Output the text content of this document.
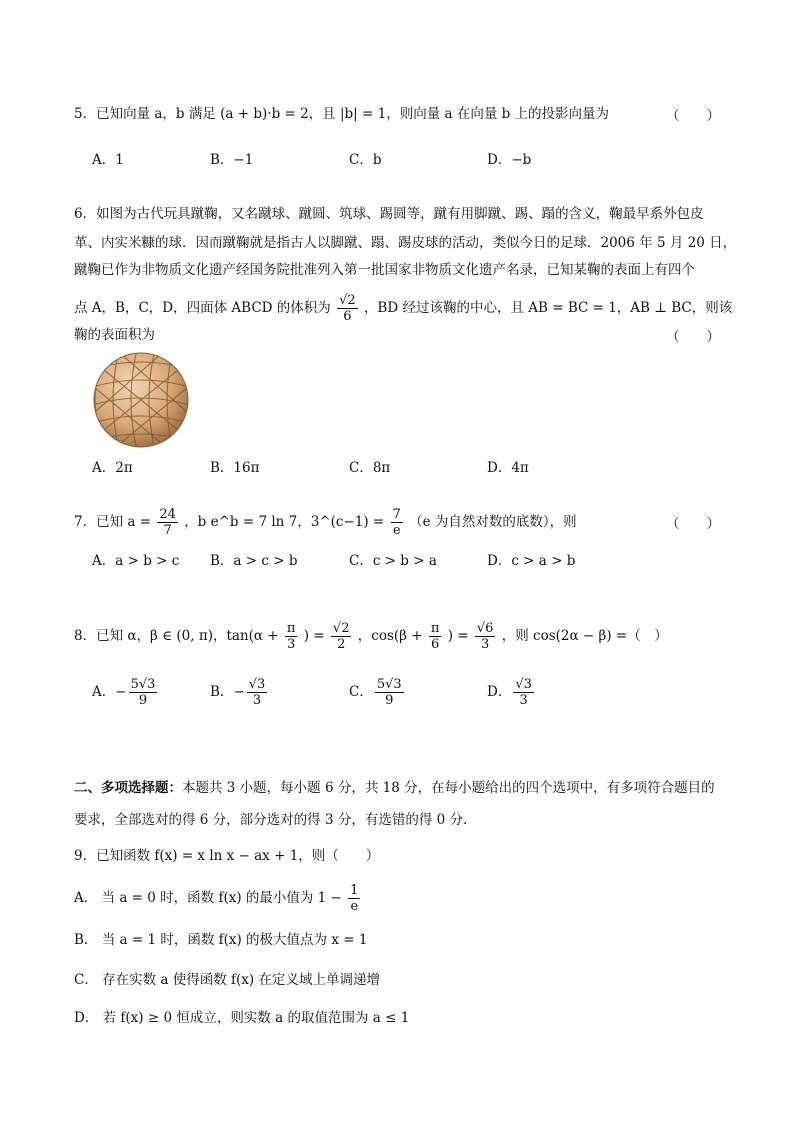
5．已知向量 a，b 满足 (a + b)·b = 2，且 |b| = 1，则向量 a 在向量 b 上的投影向量为	（　　）
A．1	B．−1	C．b	D．−b
6．如图为古代玩具蹴鞠，又名蹴球、蹴圆、筑球、踢圆等，蹴有用脚蹴、踢、蹋的含义，鞠最早系外包皮
革、内实米糠的球．因而蹴鞠就是指古人以脚蹴、蹋、踢皮球的活动，类似今日的足球．2006 年 5 月 20 日，
蹴鞠已作为非物质文化遗产经国务院批准列入第一批国家非物质文化遗产名录，已知某鞠的表面上有四个
点 A，B，C，D，四面体 ABCD 的体积为 $\frac{√2}{6}$ ，BD 经过该鞠的中心，且 AB = BC = 1，AB ⊥ BC，则该
鞠的表面积为	（　　）
A．2π	B．16π	C．8π	D．4π
7．已知 $a = \frac{24}{7}$ ，b e^b = 7 ln 7，3^(c−1) = $\frac{7}{e} (e$ 为自然对数的底数），则	（　　）
A．a > b > c B．a > c > b	C．c > b > a	D．c > a > b
8．已知 α，β ∈ (0, π)，$\tan(\alpha + \frac{\pi}{3}$ ) = $\frac{√2}{2}$ ，$\cos(\beta + \frac{\pi}{6}$ ) = $\frac{√6}{3}$ ，则 cos(2α − β) =（　）
A．− $\frac{5√3}{9}$	B．− $\frac{√3}{3}$	C． $\frac{5√3}{9}$	D． $\frac{√3}{3}$
二、多项选择题：本题共 3 小题，每小题 6 分，共 18 分，在每小题给出的四个选项中，有多项符合题目的
要求，全部选对的得 6 分，部分选对的得 3 分，有选错的得 0 分.
9．已知函数 f(x) = x ln x − ax + 1，则（　　）
A． 当 a = 0 时，函数 f(x) 的最小值为 $1 - \frac{1}{e}$
B． 当 a = 1 时，函数 f(x) 的极大值点为 x = 1
C． 存在实数 a 使得函数 f(x) 在定义域上单调递增
D． 若 f(x) ≥ 0 恒成立，则实数 a 的取值范围为 a ≤ 1
